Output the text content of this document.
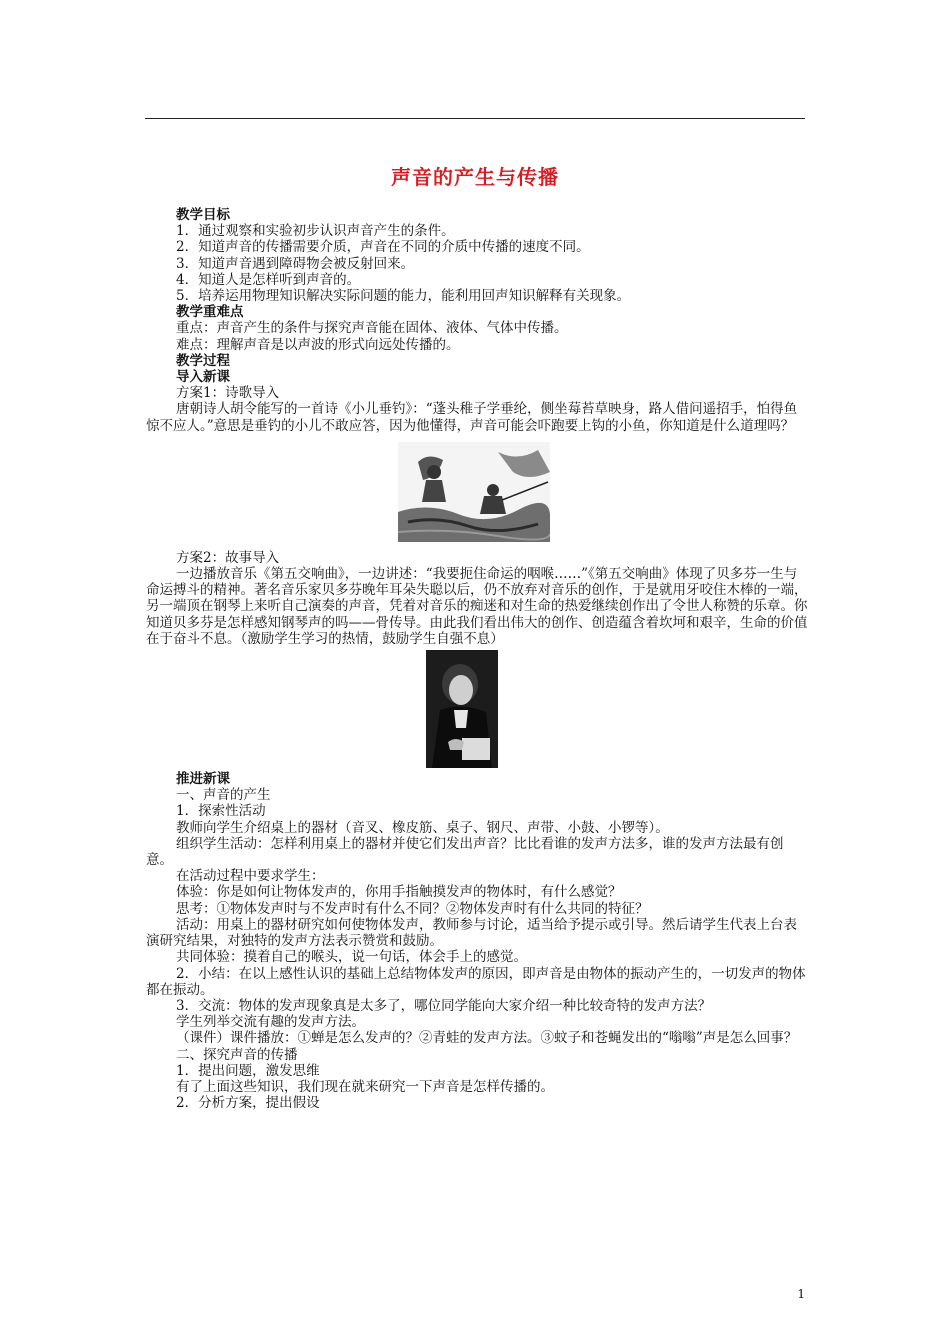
声音的产生与传播

教学目标

1．通过观察和实验初步认识声音产生的条件。

2．知道声音的传播需要介质，声音在不同的介质中传播的速度不同。

3．知道声音遇到障碍物会被反射回来。

4．知道人是怎样听到声音的。

5．培养运用物理知识解决实际问题的能力，能利用回声知识解释有关现象。

教学重难点

重点：声音产生的条件与探究声音能在固体、液体、气体中传播。

难点：理解声音是以声波的形式向远处传播的。

教学过程

导入新课

方案1：诗歌导入

唐朝诗人胡令能写的一首诗《小儿垂钓》：“蓬头稚子学垂纶，侧坐莓苔草映身，路人借问遥招手，怕得鱼惊不应人。”意思是垂钓的小儿不敢应答，因为他懂得，声音可能会吓跑要上钩的小鱼，你知道是什么道理吗？

方案2：故事导入

一边播放音乐《第五交响曲》，一边讲述：“我要扼住命运的咽喉……”《第五交响曲》体现了贝多芬一生与命运搏斗的精神。著名音乐家贝多芬晚年耳朵失聪以后，仍不放弃对音乐的创作，于是就用牙咬住木棒的一端，另一端顶在钢琴上来听自己演奏的声音，凭着对音乐的痴迷和对生命的热爱继续创作出了令世人称赞的乐章。你知道贝多芬是怎样感知钢琴声的吗——骨传导。由此我们看出伟大的创作、创造蕴含着坎坷和艰辛，生命的价值在于奋斗不息。（激励学生学习的热情，鼓励学生自强不息）

推进新课

一、声音的产生

1．探索性活动

教师向学生介绍桌上的器材（音叉、橡皮筋、桌子、钢尺、声带、小鼓、小锣等）。

组织学生活动：怎样利用桌上的器材并使它们发出声音？比比看谁的发声方法多，谁的发声方法最有创意。

在活动过程中要求学生：

体验：你是如何让物体发声的，你用手指触摸发声的物体时，有什么感觉？

思考：①物体发声时与不发声时有什么不同？②物体发声时有什么共同的特征？

活动：用桌上的器材研究如何使物体发声，教师参与讨论，适当给予提示或引导。然后请学生代表上台表演研究结果，对独特的发声方法表示赞赏和鼓励。

共同体验：摸着自己的喉头，说一句话，体会手上的感觉。

2．小结：在以上感性认识的基础上总结物体发声的原因，即声音是由物体的振动产生的，一切发声的物体都在振动。

3．交流：物体的发声现象真是太多了，哪位同学能向大家介绍一种比较奇特的发声方法？

学生列举交流有趣的发声方法。

（课件）课件播放：①蝉是怎么发声的？②青蛙的发声方法。③蚊子和苍蝇发出的“嗡嗡”声是怎么回事？

二、探究声音的传播

1．提出问题，激发思维

有了上面这些知识，我们现在就来研究一下声音是怎样传播的。

2．分析方案，提出假设

1
